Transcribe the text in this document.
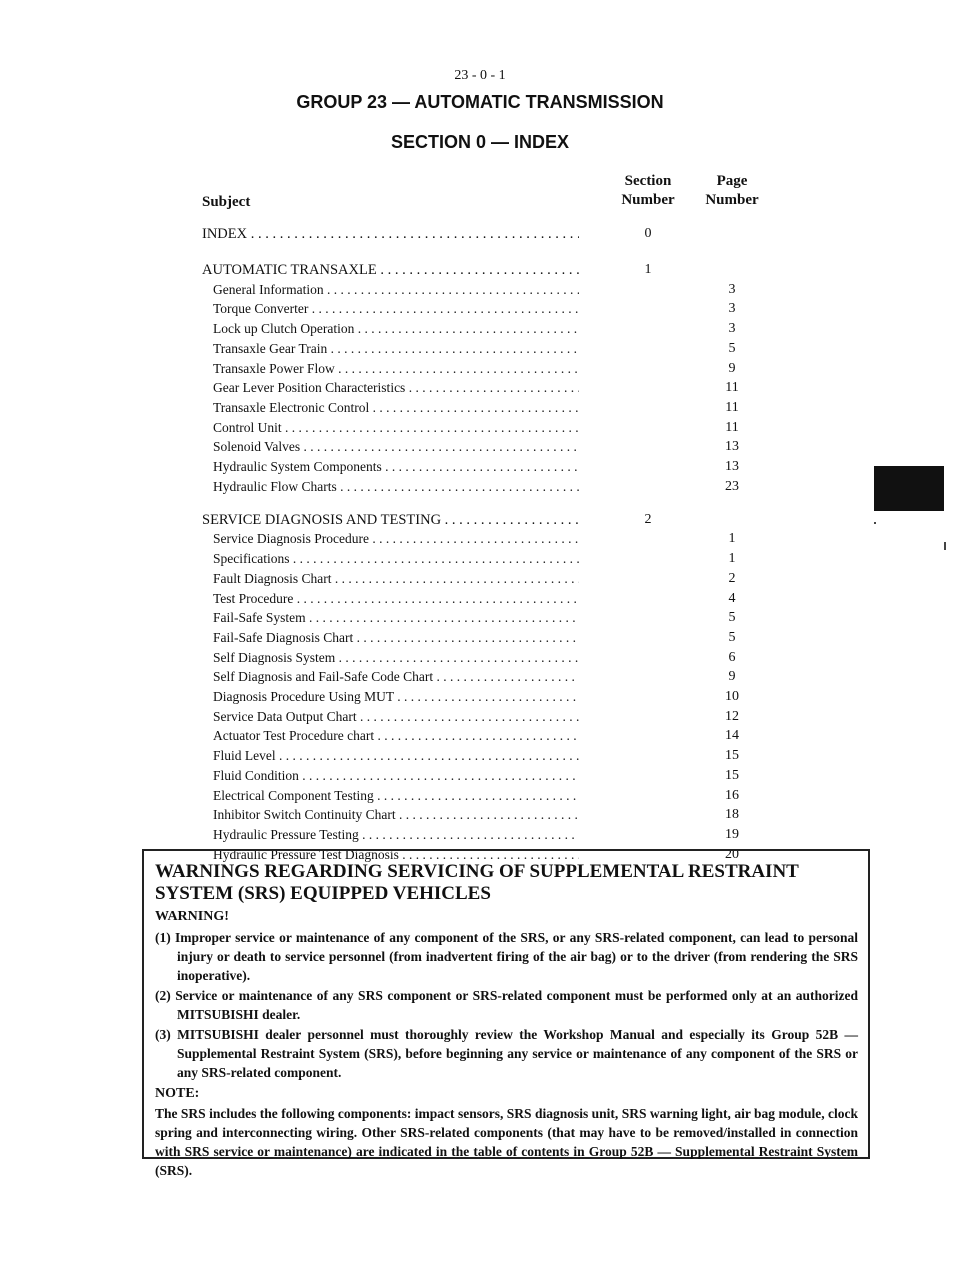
23 - 0 - 1
GROUP 23 — AUTOMATIC TRANSMISSION
SECTION 0 — INDEX
Subject
Section Number
Page Number
INDEX . . .	0
AUTOMATIC TRANSAXLE . . .	1
General Information . . .	3
Torque Converter . . .	3
Lock up Clutch Operation . . .	3
Transaxle Gear Train . . .	5
Transaxle Power Flow . . .	9
Gear Lever Position Characteristics . . .	11
Transaxle Electronic Control . . .	11
Control Unit . . .	11
Solenoid Valves . . .	13
Hydraulic System Components . . .	13
Hydraulic Flow Charts . . .	23
SERVICE DIAGNOSIS AND TESTING . . .	2
Service Diagnosis Procedure . . .	1
Specifications . . .	1
Fault Diagnosis Chart . . .	2
Test Procedure . . .	4
Fail-Safe System . . .	5
Fail-Safe Diagnosis Chart . . .	5
Self Diagnosis System . . .	6
Self Diagnosis and Fail-Safe Code Chart . . .	9
Diagnosis Procedure Using MUT . . .	10
Service Data Output Chart . . .	12
Actuator Test Procedure chart . . .	14
Fluid Level . . .	15
Fluid Condition . . .	15
Electrical Component Testing . . .	16
Inhibitor Switch Continuity Chart . . .	18
Hydraulic Pressure Testing . . .	19
Hydraulic Pressure Test Diagnosis . . .	20
WARNINGS REGARDING SERVICING OF SUPPLEMENTAL RESTRAINT SYSTEM (SRS) EQUIPPED VEHICLES
WARNING!
(1) Improper service or maintenance of any component of the SRS, or any SRS-related component, can lead to personal injury or death to service personnel (from inadvertent firing of the air bag) or to the driver (from rendering the SRS inoperative).
(2) Service or maintenance of any SRS component or SRS-related component must be performed only at an authorized MITSUBISHI dealer.
(3) MITSUBISHI dealer personnel must thoroughly review the Workshop Manual and especially its Group 52B — Supplemental Restraint System (SRS), before beginning any service or maintenance of any component of the SRS or any SRS-related component.
NOTE:
The SRS includes the following components: impact sensors, SRS diagnosis unit, SRS warning light, air bag module, clock spring and interconnecting wiring. Other SRS-related components (that may have to be removed/installed in connection with SRS service or maintenance) are indicated in the table of contents in Group 52B — Supplemental Restraint System (SRS).
